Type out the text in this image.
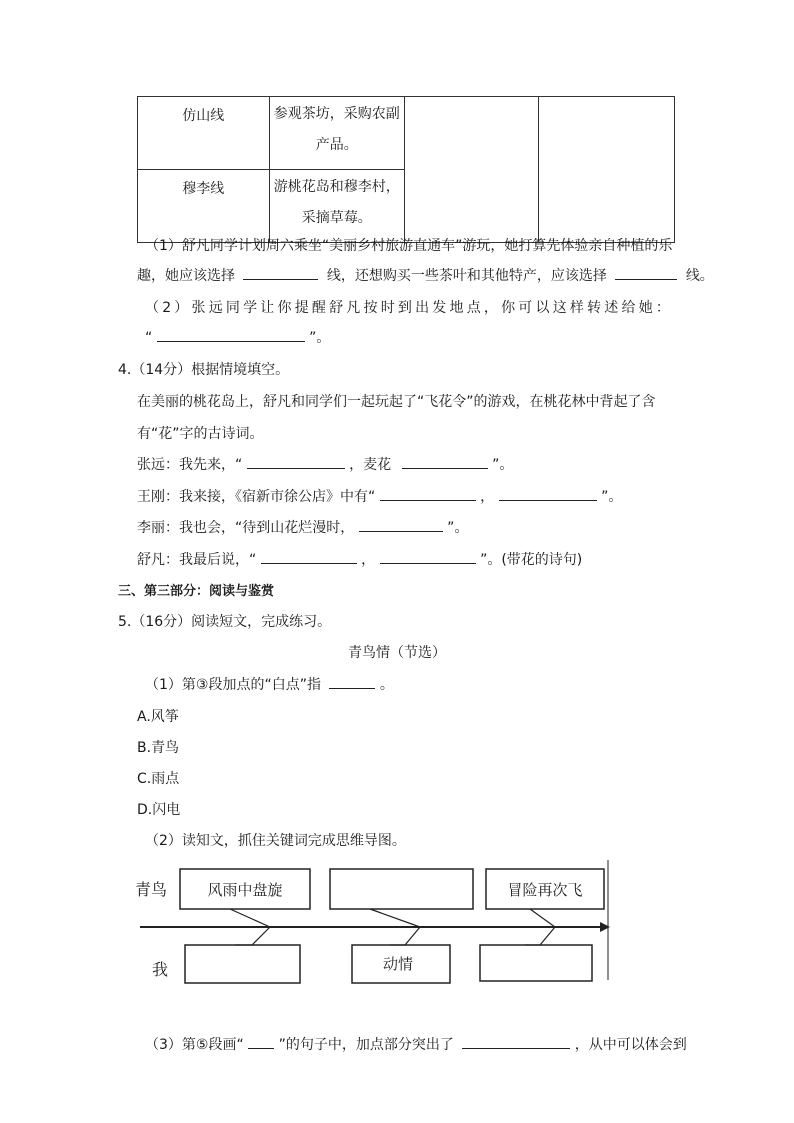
仿山线	参观茶坊，采购农副
产品。		

穆李线	游桃花岛和穆李村，
采摘草莓。		
（1）舒凡同学计划周六乘坐“美丽乡村旅游直通车”游玩，她打算先体验亲自种植的乐
趣，她应该选择	线，还想购买一些茶叶和其他特产，应该选择	线。
（2）张远同学让你提醒舒凡按时到出发地点，你可以这样转述给她：
“	”。
4.（14分）根据情境填空。
在美丽的桃花岛上，舒凡和同学们一起玩起了“飞花令”的游戏，在桃花林中背起了含
有“花”字的古诗词。
张远：我先来，“	，麦花	”。
王刚：我来接，《宿新市徐公店》中有“	，	”。
李丽：我也会，“待到山花烂漫时，	”。
舒凡：我最后说，“	，	”。(带花的诗句)
三、第三部分：阅读与鉴赏
5.（16分）阅读短文，完成练习。
青鸟情（节选）
（1）第③段加点的“白点”指	。
A.风筝
B.青鸟
C.雨点
D.闪电
（2）读知文，抓住关键词完成思维导图。
青鸟
我
风雨中盘旋	冒险再次飞
动情
（3）第⑤段画“ ”的句子中，加点部分突出了	，从中可以体会到
